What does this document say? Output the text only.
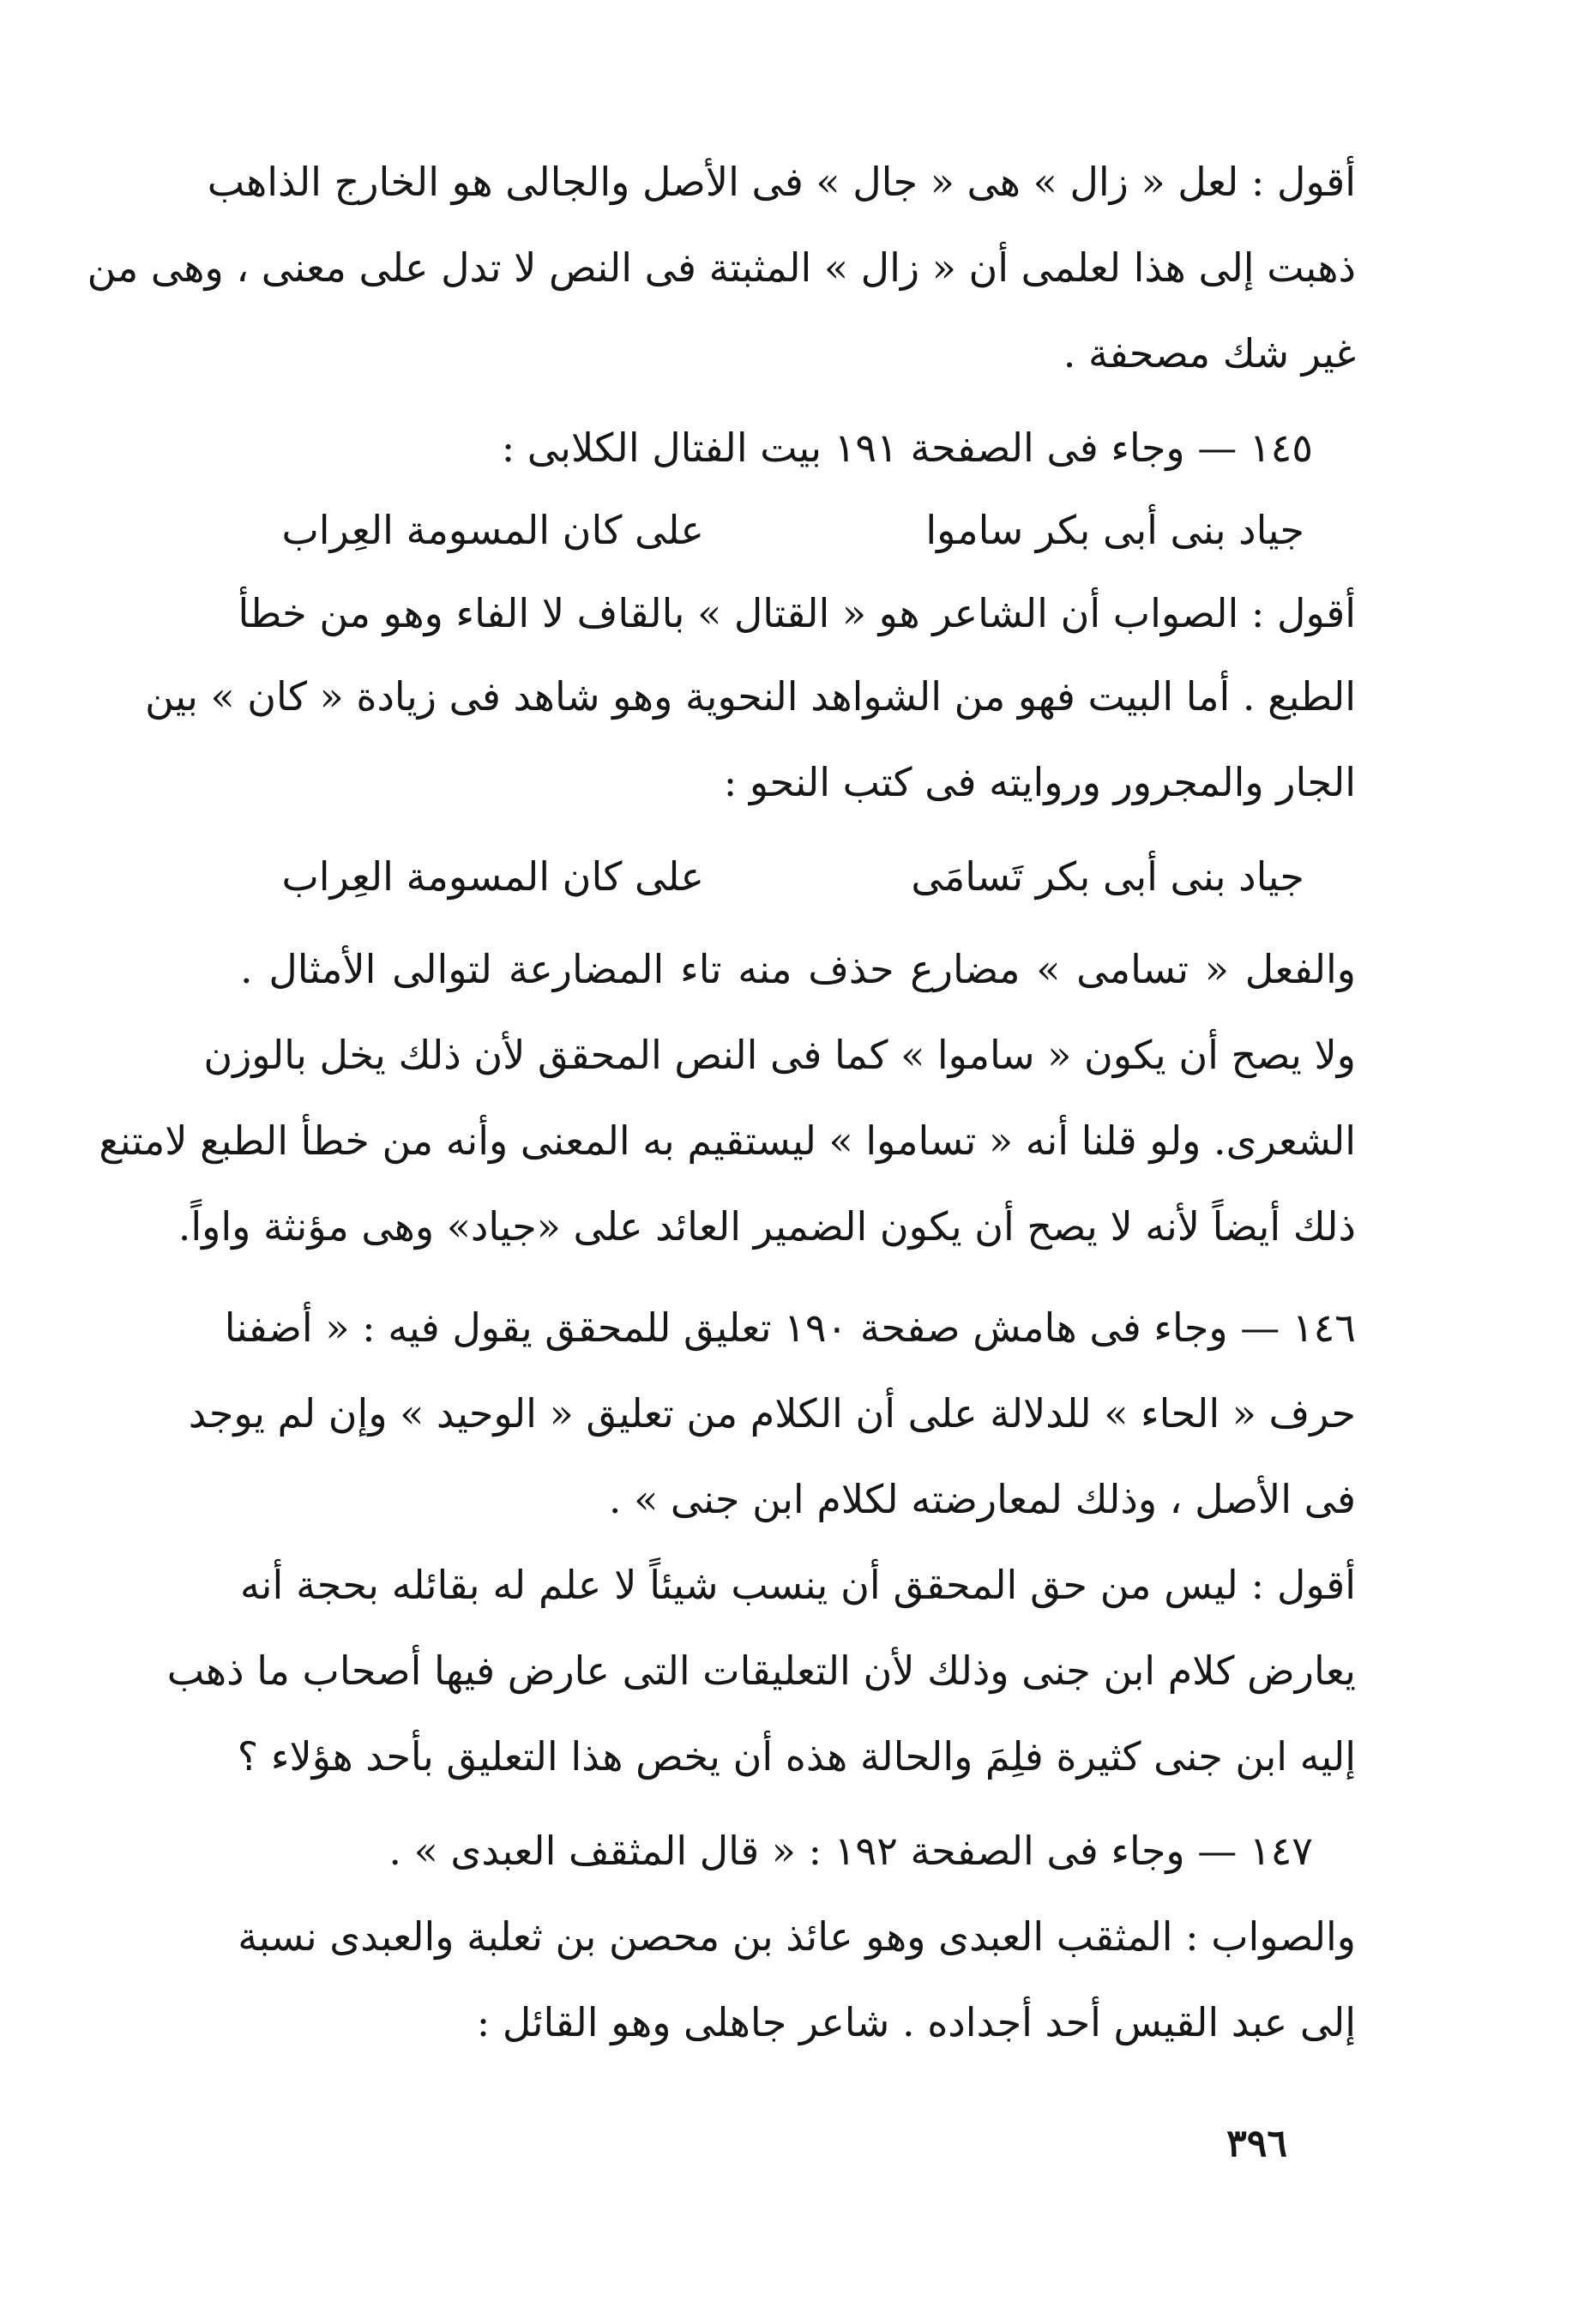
أقول : لعل « زال » هى « جال » فى الأصل والجالى هو الخارج الذاهب
ذهبت إلى هذا لعلمى أن « زال » المثبتة فى النص لا تدل على معنى ، وهى من
غير شك مصحفة .
١٤٥ — وجاء فى الصفحة ١٩١ بيت الفتال الكلابى :
جياد بنى أبى بكر ساموا
على كان المسومة العِراب
أقول : الصواب أن الشاعر هو « القتال » بالقاف لا الفاء وهو من خطأ
الطبع . أما البيت فهو من الشواهد النحوية وهو شاهد فى زيادة « كان » بين
الجار والمجرور وروايته فى كتب النحو :
جياد بنى أبى بكر تَسامَى
على كان المسومة العِراب
والفعل « تسامى » مضارع حذف منه تاء المضارعة لتوالى الأمثال .
ولا يصح أن يكون « ساموا » كما فى النص المحقق لأن ذلك يخل بالوزن
الشعرى. ولو قلنا أنه « تساموا » ليستقيم به المعنى وأنه من خطأ الطبع لامتنع
ذلك أيضاً لأنه لا يصح أن يكون الضمير العائد على «جياد» وهى مؤنثة واواً.
١٤٦ — وجاء فى هامش صفحة ١٩٠ تعليق للمحقق يقول فيه : « أضفنا
حرف « الحاء » للدلالة على أن الكلام من تعليق « الوحيد » وإن لم يوجد
فى الأصل ، وذلك لمعارضته لكلام ابن جنى » .
أقول : ليس من حق المحقق أن ينسب شيئاً لا علم له بقائله بحجة أنه
يعارض كلام ابن جنى وذلك لأن التعليقات التى عارض فيها أصحاب ما ذهب
إليه ابن جنى كثيرة فلِمَ والحالة هذه أن يخص هذا التعليق بأحد هؤلاء ؟
١٤٧ — وجاء فى الصفحة ١٩٢ : « قال المثقف العبدى » .
والصواب : المثقب العبدى وهو عائذ بن محصن بن ثعلبة والعبدى نسبة
إلى عبد القيس أحد أجداده . شاعر جاهلى وهو القائل :
٣٩٦
